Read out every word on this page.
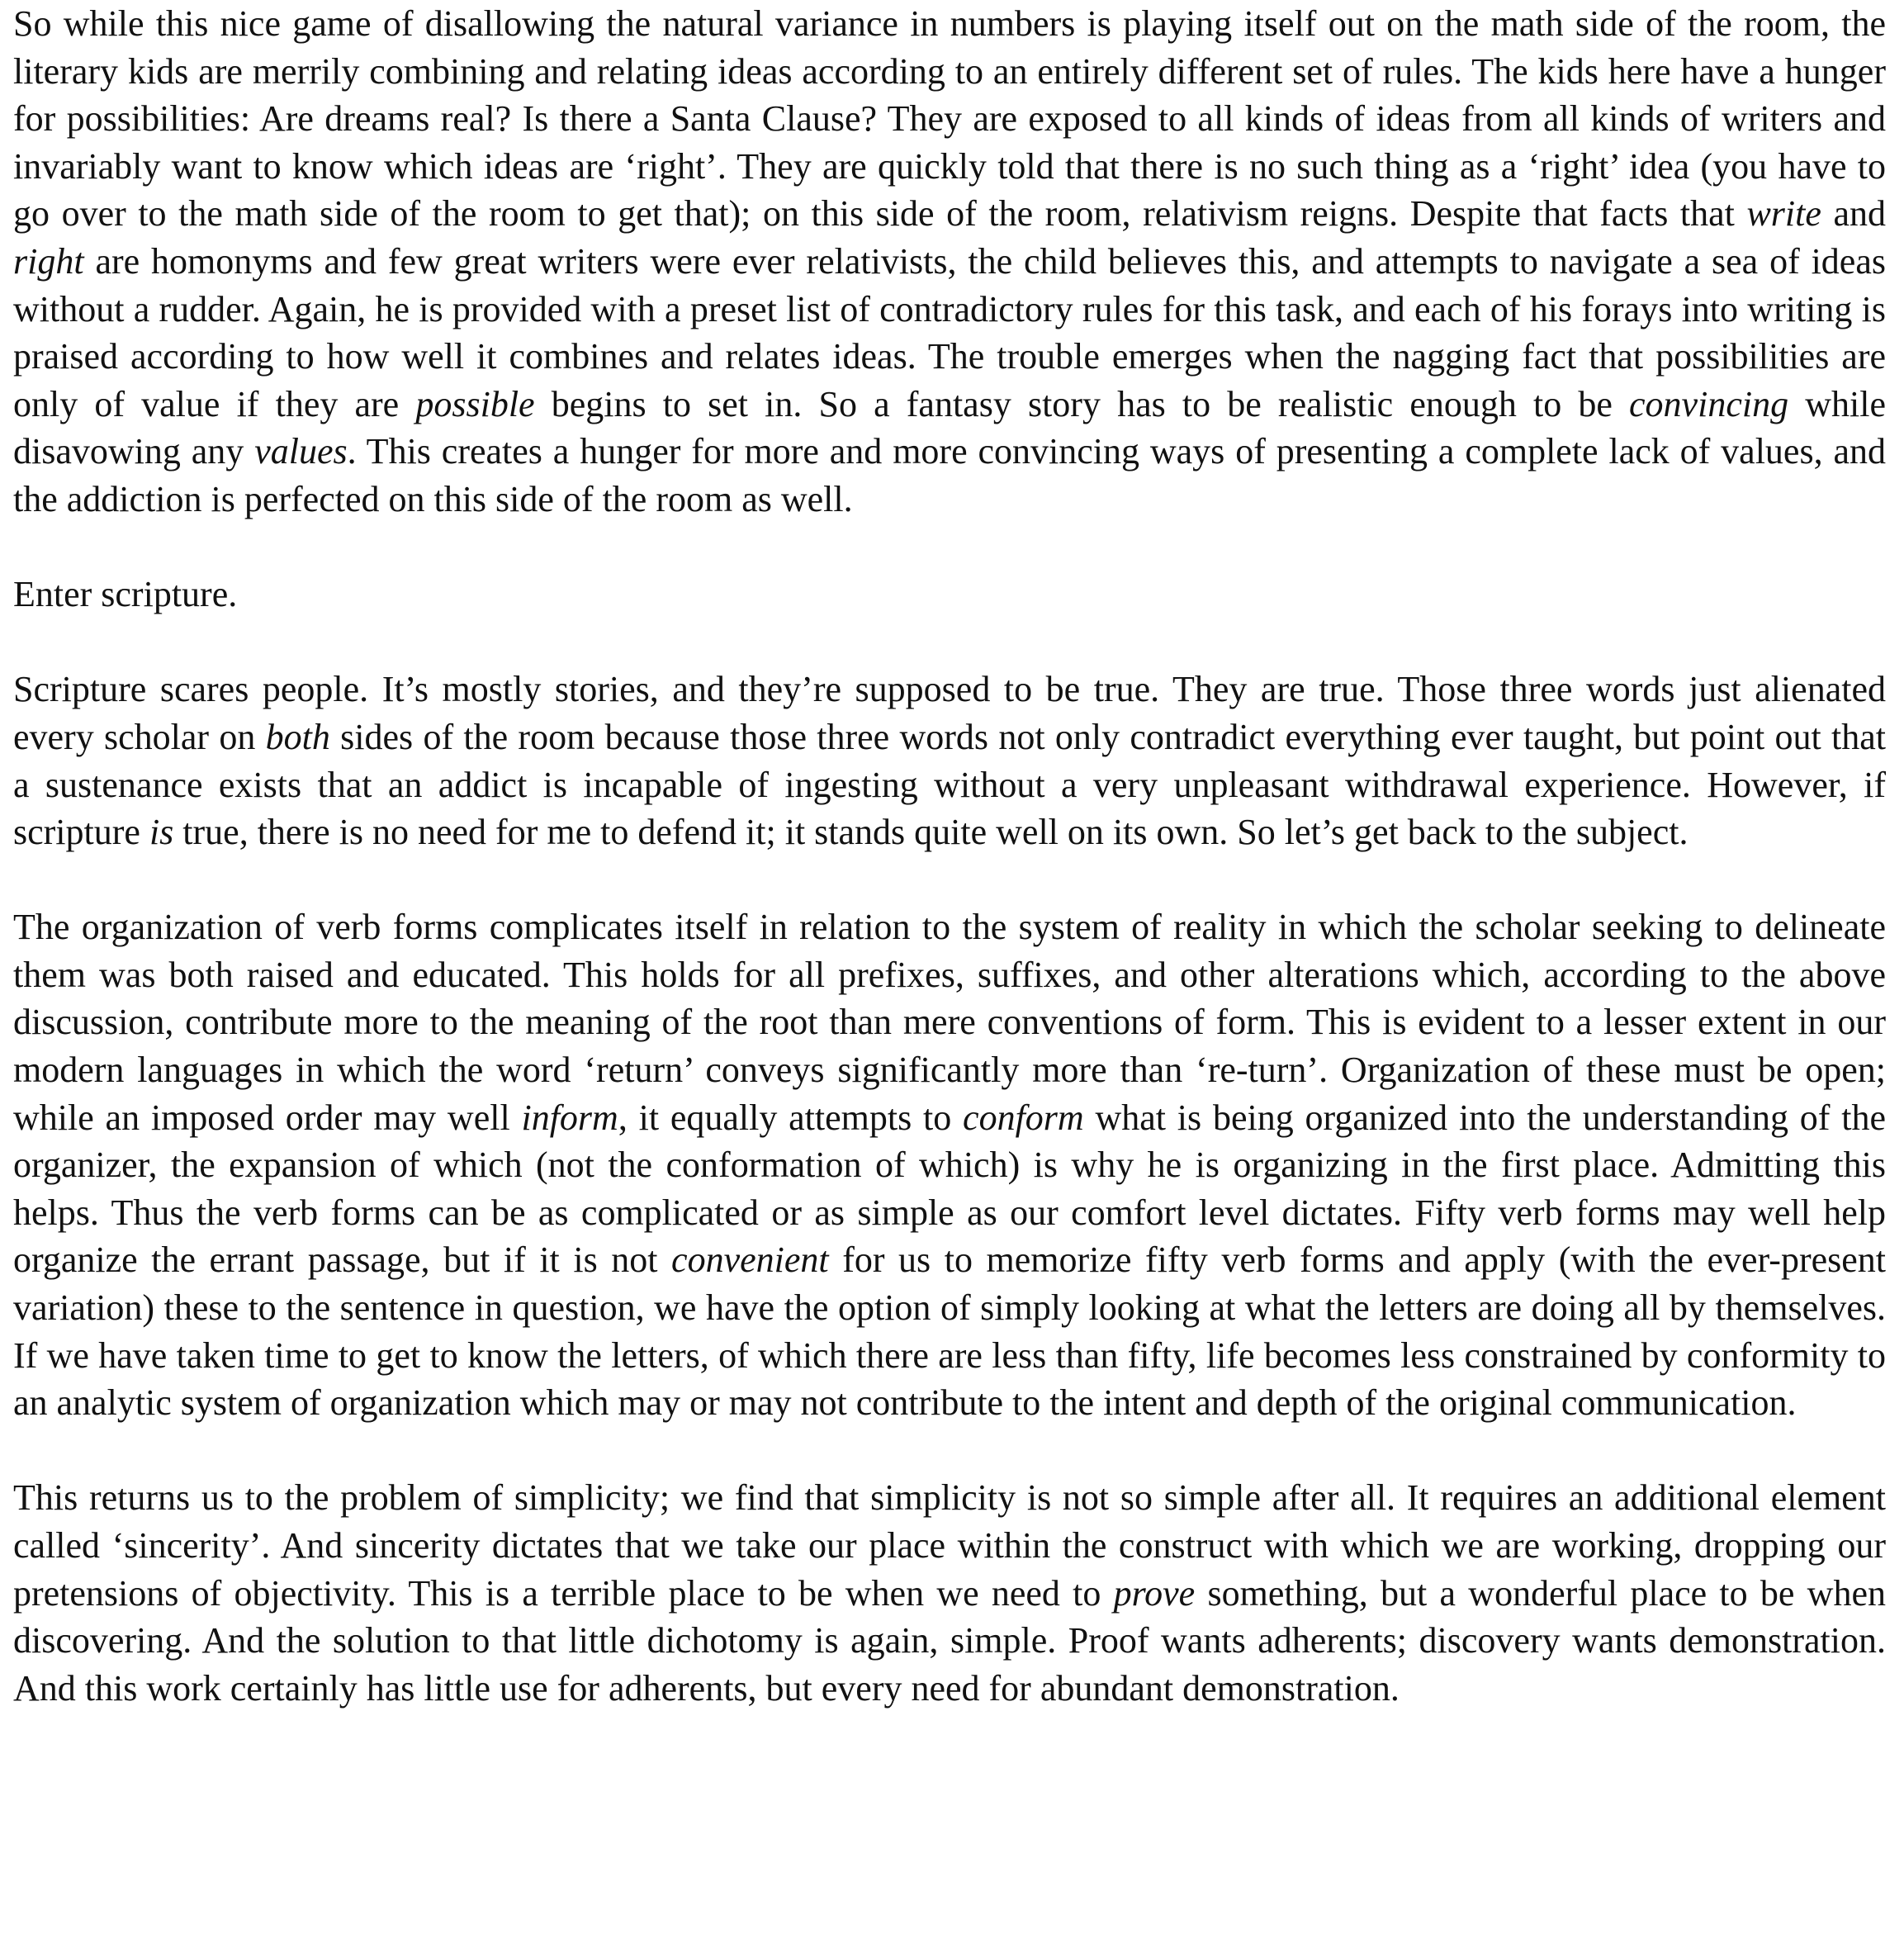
So while this nice game of disallowing the natural variance in numbers is playing itself out on the math side of the room, the literary kids are merrily combining and relating ideas according to an entirely different set of rules. The kids here have a hunger for possibilities: Are dreams real? Is there a Santa Clause? They are exposed to all kinds of ideas from all kinds of writers and invariably want to know which ideas are ‘right’. They are quickly told that there is no such thing as a ‘right’ idea (you have to go over to the math side of the room to get that); on this side of the room, relativism reigns. Despite that facts that write and right are homonyms and few great writers were ever relativists, the child believes this, and attempts to navigate a sea of ideas without a rudder. Again, he is provided with a preset list of contradictory rules for this task, and each of his forays into writing is praised according to how well it combines and relates ideas. The trouble emerges when the nagging fact that possibilities are only of value if they are possible begins to set in. So a fantasy story has to be realistic enough to be convincing while disavowing any values. This creates a hunger for more and more convincing ways of presenting a complete lack of values, and the addiction is perfected on this side of the room as well.

Enter scripture.

Scripture scares people. It’s mostly stories, and they’re supposed to be true. They are true. Those three words just alienated every scholar on both sides of the room because those three words not only contradict everything ever taught, but point out that a sustenance exists that an addict is incapable of ingesting without a very unpleasant withdrawal experience. However, if scripture is true, there is no need for me to defend it; it stands quite well on its own. So let’s get back to the subject.

The organization of verb forms complicates itself in relation to the system of reality in which the scholar seeking to delineate them was both raised and educated. This holds for all prefixes, suffixes, and other alterations which, according to the above discussion, contribute more to the meaning of the root than mere conventions of form. This is evident to a lesser extent in our modern languages in which the word ‘return’ conveys significantly more than ‘re-turn’. Organization of these must be open; while an imposed order may well inform, it equally attempts to conform what is being organized into the understanding of the organizer, the expansion of which (not the conformation of which) is why he is organizing in the first place. Admitting this helps. Thus the verb forms can be as complicated or as simple as our comfort level dictates. Fifty verb forms may well help organize the errant passage, but if it is not convenient for us to memorize fifty verb forms and apply (with the ever-present variation) these to the sentence in question, we have the option of simply looking at what the letters are doing all by themselves. If we have taken time to get to know the letters, of which there are less than fifty, life becomes less constrained by conformity to an analytic system of organization which may or may not contribute to the intent and depth of the original communication.

This returns us to the problem of simplicity; we find that simplicity is not so simple after all. It requires an additional element called ‘sincerity’. And sincerity dictates that we take our place within the construct with which we are working, dropping our pretensions of objectivity. This is a terrible place to be when we need to prove something, but a wonderful place to be when discovering. And the solution to that little dichotomy is again, simple. Proof wants adherents; discovery wants demonstration. And this work certainly has little use for adherents, but every need for abundant demonstration.
